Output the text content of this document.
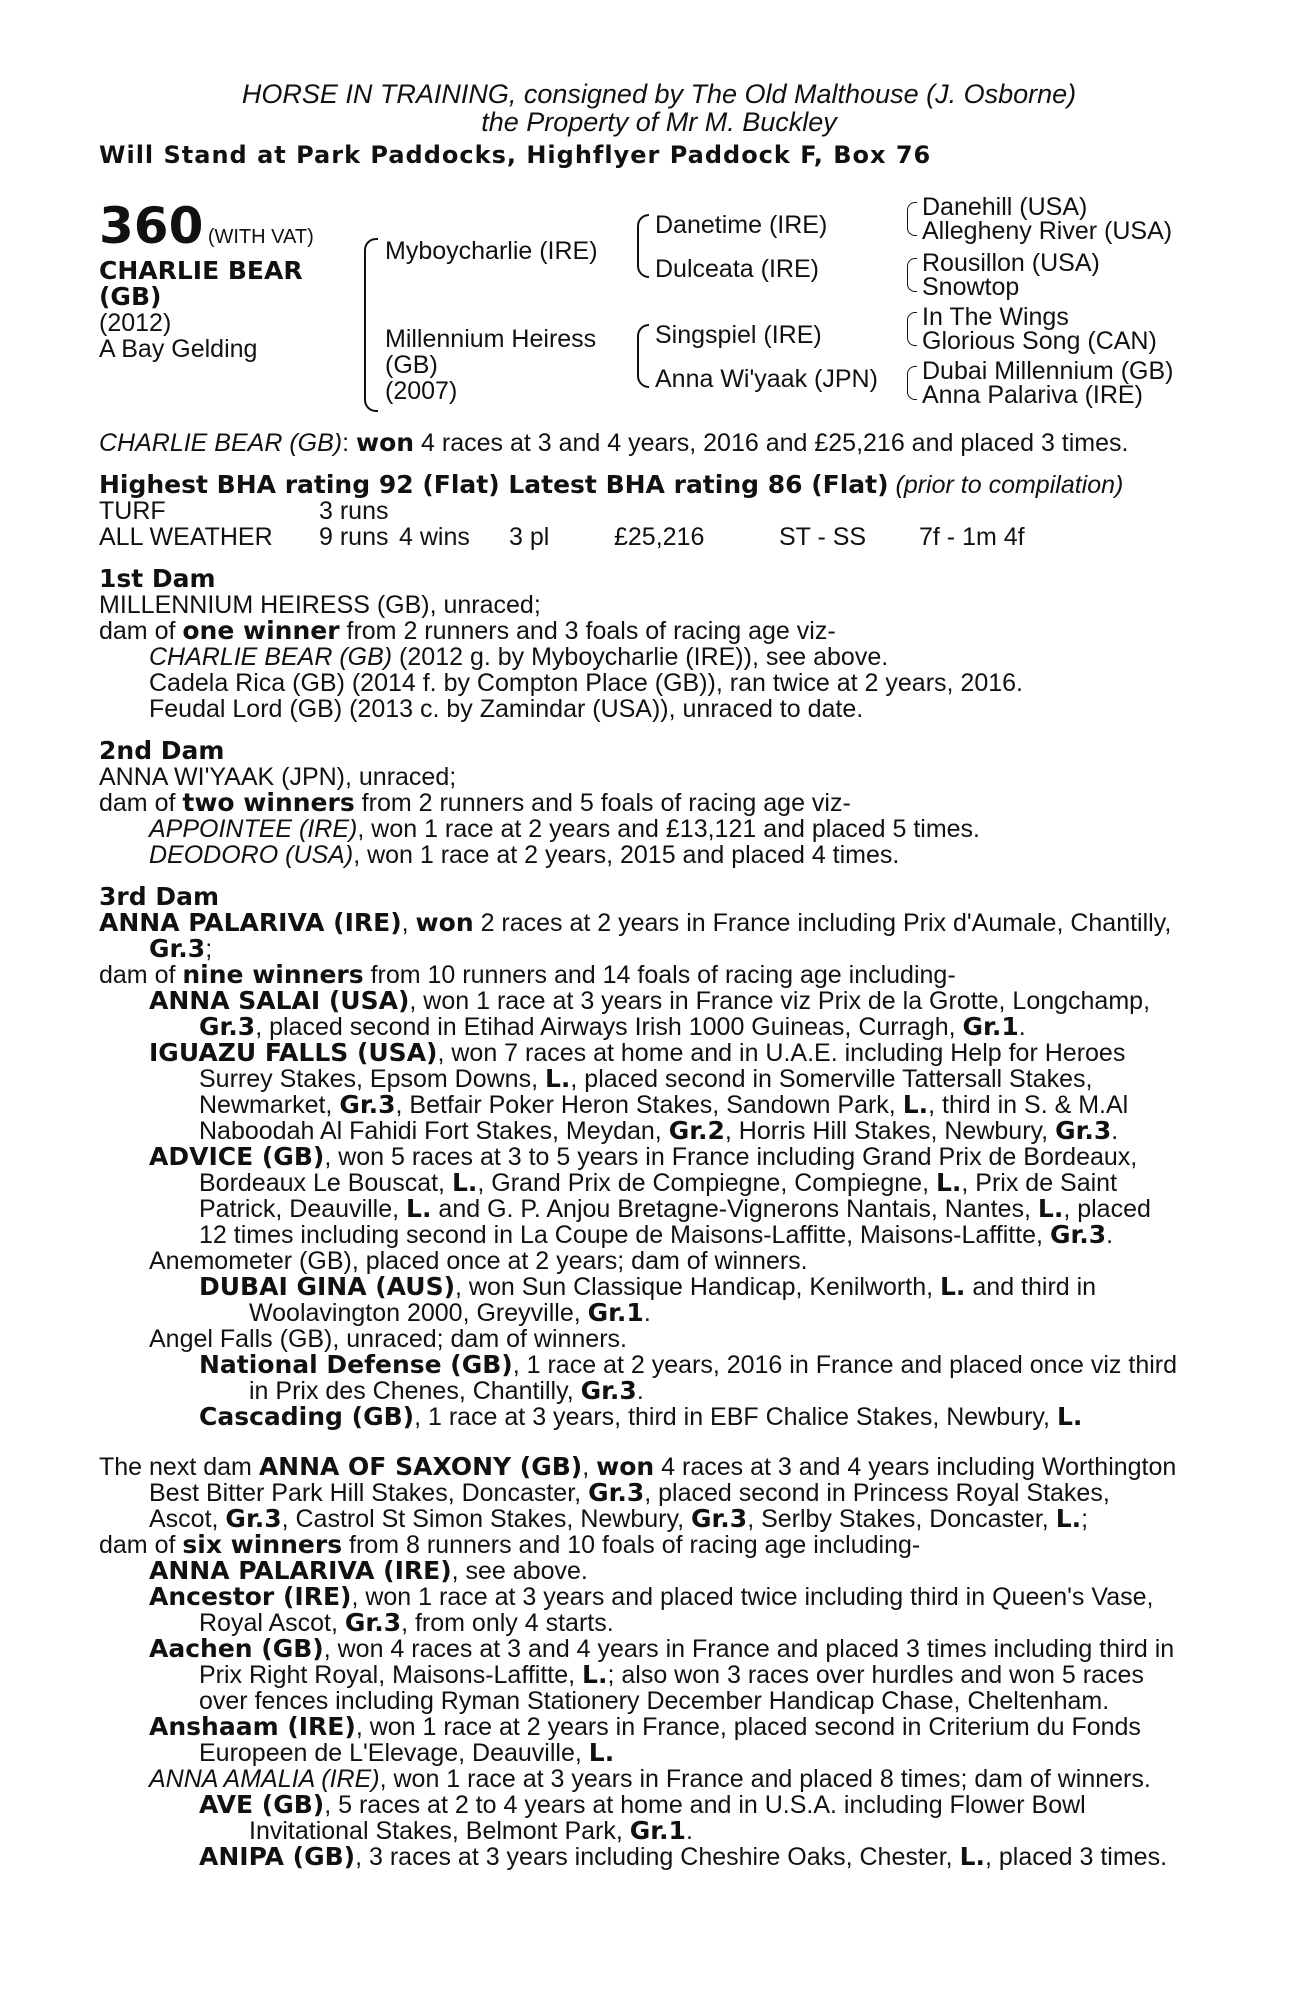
HORSE IN TRAINING, consigned by The Old Malthouse (J. Osborne)
the Property of Mr M. Buckley
Will Stand at Park Paddocks, Highflyer Paddock F, Box 76
360 (WITH VAT)
CHARLIE BEAR
(GB)
(2012)
A Bay Gelding
Myboycharlie (IRE)
Millennium Heiress
(GB)
(2007)
Danetime (IRE)
Dulceata (IRE)
Singspiel (IRE)
Anna Wi'yaak (JPN)
Danehill (USA)
Allegheny River (USA)
Rousillon (USA)
Snowtop
In The Wings
Glorious Song (CAN)
Dubai Millennium (GB)
Anna Palariva (IRE)
CHARLIE BEAR (GB): won 4 races at 3 and 4 years, 2016 and £25,216 and placed 3 times.
Highest BHA rating 92 (Flat) Latest BHA rating 86 (Flat) (prior to compilation)
TURF	3 runs
ALL WEATHER	9 runs 4 wins	3 pl	£25,216	ST - SS	7f - 1m 4f
1st Dam
MILLENNIUM HEIRESS (GB), unraced;
dam of one winner from 2 runners and 3 foals of racing age viz-
CHARLIE BEAR (GB) (2012 g. by Myboycharlie (IRE)), see above.
Cadela Rica (GB) (2014 f. by Compton Place (GB)), ran twice at 2 years, 2016.
Feudal Lord (GB) (2013 c. by Zamindar (USA)), unraced to date.
2nd Dam
ANNA WI'YAAK (JPN), unraced;
dam of two winners from 2 runners and 5 foals of racing age viz-
APPOINTEE (IRE), won 1 race at 2 years and £13,121 and placed 5 times.
DEODORO (USA), won 1 race at 2 years, 2015 and placed 4 times.
3rd Dam
ANNA PALARIVA (IRE), won 2 races at 2 years in France including Prix d'Aumale, Chantilly,
Gr.3;
dam of nine winners from 10 runners and 14 foals of racing age including-
ANNA SALAI (USA), won 1 race at 3 years in France viz Prix de la Grotte, Longchamp,
Gr.3, placed second in Etihad Airways Irish 1000 Guineas, Curragh, Gr.1.
IGUAZU FALLS (USA), won 7 races at home and in U.A.E. including Help for Heroes
Surrey Stakes, Epsom Downs, L., placed second in Somerville Tattersall Stakes,
Newmarket, Gr.3, Betfair Poker Heron Stakes, Sandown Park, L., third in S. & M.Al
Naboodah Al Fahidi Fort Stakes, Meydan, Gr.2, Horris Hill Stakes, Newbury, Gr.3.
ADVICE (GB), won 5 races at 3 to 5 years in France including Grand Prix de Bordeaux,
Bordeaux Le Bouscat, L., Grand Prix de Compiegne, Compiegne, L., Prix de Saint
Patrick, Deauville, L. and G. P. Anjou Bretagne-Vignerons Nantais, Nantes, L., placed
12 times including second in La Coupe de Maisons-Laffitte, Maisons-Laffitte, Gr.3.
Anemometer (GB), placed once at 2 years; dam of winners.
DUBAI GINA (AUS), won Sun Classique Handicap, Kenilworth, L. and third in
Woolavington 2000, Greyville, Gr.1.
Angel Falls (GB), unraced; dam of winners.
National Defense (GB), 1 race at 2 years, 2016 in France and placed once viz third
in Prix des Chenes, Chantilly, Gr.3.
Cascading (GB), 1 race at 3 years, third in EBF Chalice Stakes, Newbury, L.
The next dam ANNA OF SAXONY (GB), won 4 races at 3 and 4 years including Worthington
Best Bitter Park Hill Stakes, Doncaster, Gr.3, placed second in Princess Royal Stakes,
Ascot, Gr.3, Castrol St Simon Stakes, Newbury, Gr.3, Serlby Stakes, Doncaster, L.;
dam of six winners from 8 runners and 10 foals of racing age including-
ANNA PALARIVA (IRE), see above.
Ancestor (IRE), won 1 race at 3 years and placed twice including third in Queen's Vase,
Royal Ascot, Gr.3, from only 4 starts.
Aachen (GB), won 4 races at 3 and 4 years in France and placed 3 times including third in
Prix Right Royal, Maisons-Laffitte, L.; also won 3 races over hurdles and won 5 races
over fences including Ryman Stationery December Handicap Chase, Cheltenham.
Anshaam (IRE), won 1 race at 2 years in France, placed second in Criterium du Fonds
Europeen de L'Elevage, Deauville, L.
ANNA AMALIA (IRE), won 1 race at 3 years in France and placed 8 times; dam of winners.
AVE (GB), 5 races at 2 to 4 years at home and in U.S.A. including Flower Bowl
Invitational Stakes, Belmont Park, Gr.1.
ANIPA (GB), 3 races at 3 years including Cheshire Oaks, Chester, L., placed 3 times.
